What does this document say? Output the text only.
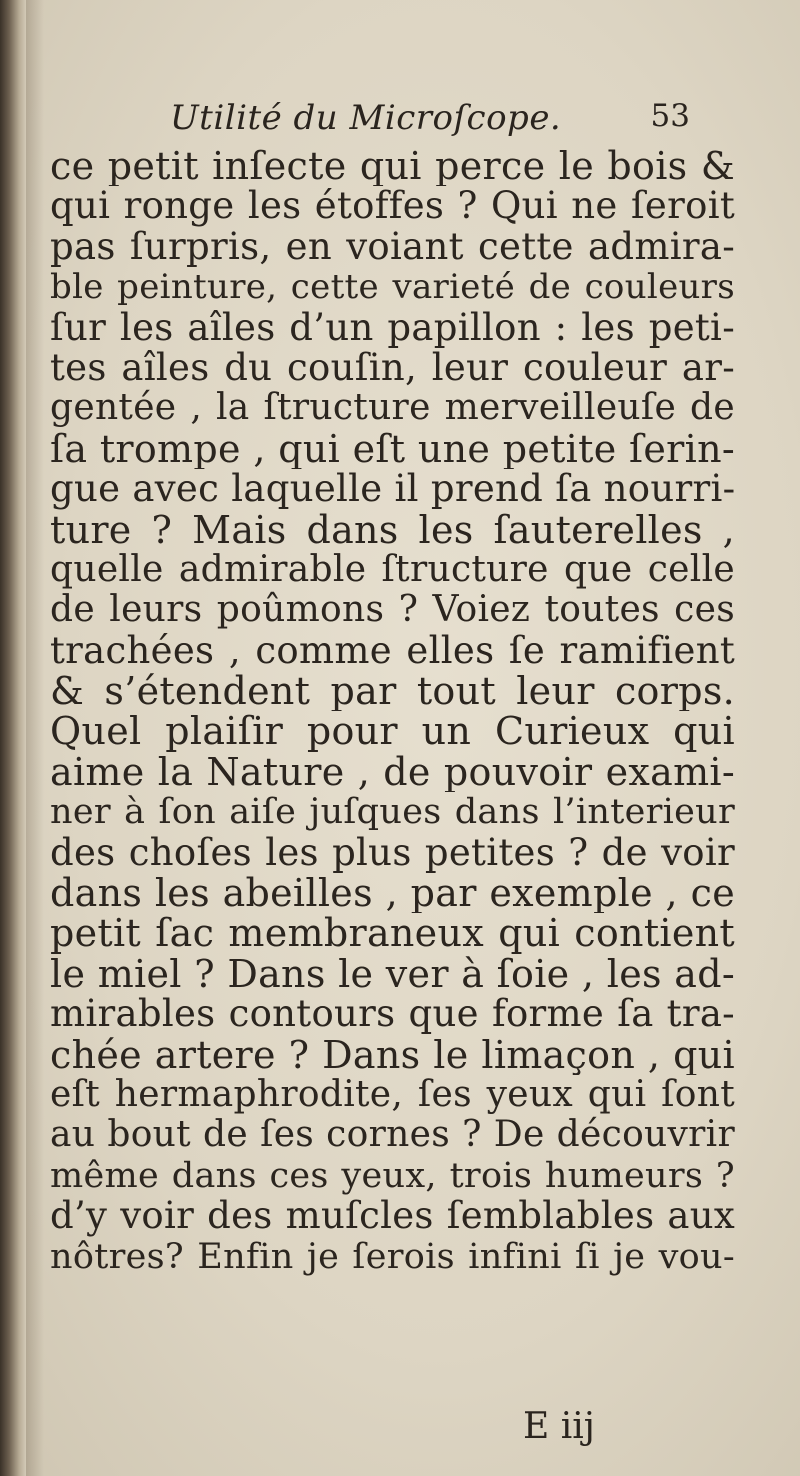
Utilité du Microſcope.	53
ce petit inſecte qui perce le bois &
qui ronge les étoffes ? Qui ne ſeroit
pas ſurpris, en voiant cette admira-
ble peinture, cette varieté de couleurs
ſur les aîles d’un papillon : les peti-
tes aîles du couſin, leur couleur ar-
gentée , la ſtructure merveilleuſe de
ſa trompe , qui eſt une petite ſerin-
gue avec laquelle il prend ſa nourri-
ture ? Mais dans les ſauterelles ,
quelle admirable ſtructure que celle
de leurs poûmons ? Voiez toutes ces
trachées , comme elles ſe ramifient
& s’étendent par tout leur corps.
Quel plaiſir pour un Curieux qui
aime la Nature , de pouvoir exami-
ner à ſon aiſe juſques dans l’interieur
des choſes les plus petites ? de voir
dans les abeilles , par exemple , ce
petit ſac membraneux qui contient
le miel ? Dans le ver à ſoie , les ad-
mirables contours que forme ſa tra-
chée artere ? Dans le limaçon , qui
eſt hermaphrodite, ſes yeux qui ſont
au bout de ſes cornes ? De découvrir
même dans ces yeux, trois humeurs ?
d’y voir des muſcles ſemblables aux
nôtres? Enfin je ſerois infini ſi je vou-
E iij
